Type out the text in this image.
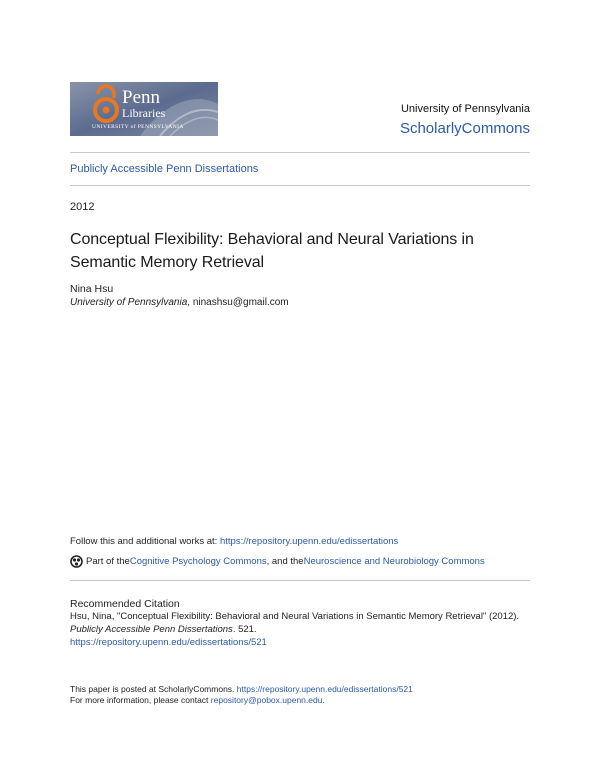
Penn
Libraries
UNIVERSITY of PENNSYLVANIA
University of Pennsylvania
ScholarlyCommons
Publicly Accessible Penn Dissertations
2012
Conceptual Flexibility: Behavioral and Neural Variations in Semantic Memory Retrieval
Nina Hsu
University of Pennsylvania, ninashsu@gmail.com
Follow this and additional works at: https://repository.upenn.edu/edissertations
Part of the Cognitive Psychology Commons , and the Neuroscience and Neurobiology Commons
Recommended Citation
Hsu, Nina, "Conceptual Flexibility: Behavioral and Neural Variations in Semantic Memory Retrieval" (2012).
Publicly Accessible Penn Dissertations. 521.
https://repository.upenn.edu/edissertations/521
This paper is posted at ScholarlyCommons. https://repository.upenn.edu/edissertations/521
For more information, please contact repository@pobox.upenn.edu.
